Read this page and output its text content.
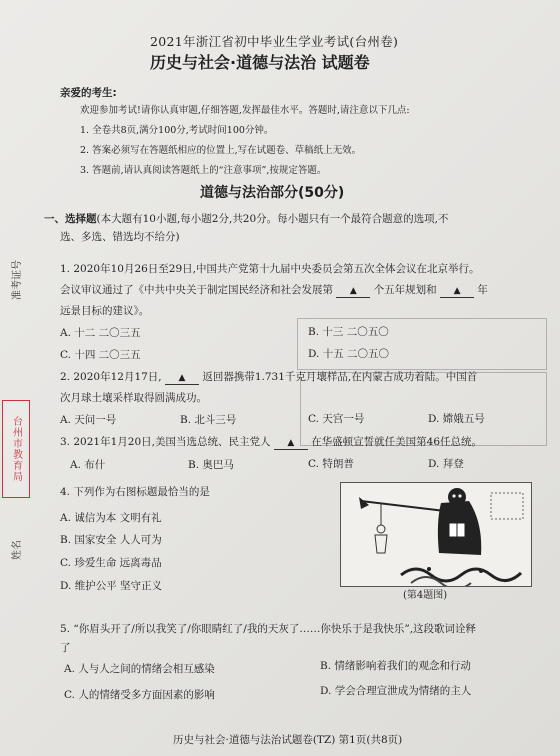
准考证号
姓名
台州市教育局
2021年浙江省初中毕业生学业考试(台州卷)
历史与社会·道德与法治 试题卷
亲爱的考生:
欢迎参加考试!请你认真审题,仔细答题,发挥最佳水平。答题时,请注意以下几点:
1. 全卷共8页,满分100分,考试时间100分钟。
2. 答案必须写在答题纸相应的位置上,写在试题卷、草稿纸上无效。
3. 答题前,请认真阅读答题纸上的“注意事项”,按规定答题。
道德与法治部分(50分)
一、选择题(本大题有10小题,每小题2分,共20分。每小题只有一个最符合题意的选项,不
选、多选、错选均不给分)
1. 2020年10月26日至29日,中国共产党第十九届中央委员会第五次全体会议在北京举行。
会议审议通过了《中共中央关于制定国民经济和社会发展第 ▲ 个五年规划和 ▲ 年
远景目标的建议》。
A. 十二 二〇三五	B. 十三 二〇五〇
C. 十四 二〇三五	D. 十五 二〇五〇
2. 2020年12月17日, ▲ 返回器携带1.731千克月壤样品,在内蒙古成功着陆。中国首
次月球土壤采样取得圆满成功。
A. 天问一号	B. 北斗三号	C. 天宫一号	D. 嫦娥五号
3. 2021年1月20日,美国当选总统、民主党人 ▲ 在华盛顿宣誓就任美国第46任总统。
A. 布什	B. 奥巴马	C. 特朗普	D. 拜登
4. 下列作为右图标题最恰当的是
A. 诚信为本 文明有礼
B. 国家安全 人人可为
C. 珍爱生命 远离毒品
D. 维护公平 坚守正义
(第4题图)
5. “你眉头开了/所以我笑了/你眼睛红了/我的天灰了……你快乐于是我快乐”,这段歌词诠释
了
A. 人与人之间的情绪会相互感染	B. 情绪影响着我们的观念和行动
C. 人的情绪受多方面因素的影响	D. 学会合理宣泄成为情绪的主人
历史与社会·道德与法治试题卷(TZ) 第1页(共8页)
